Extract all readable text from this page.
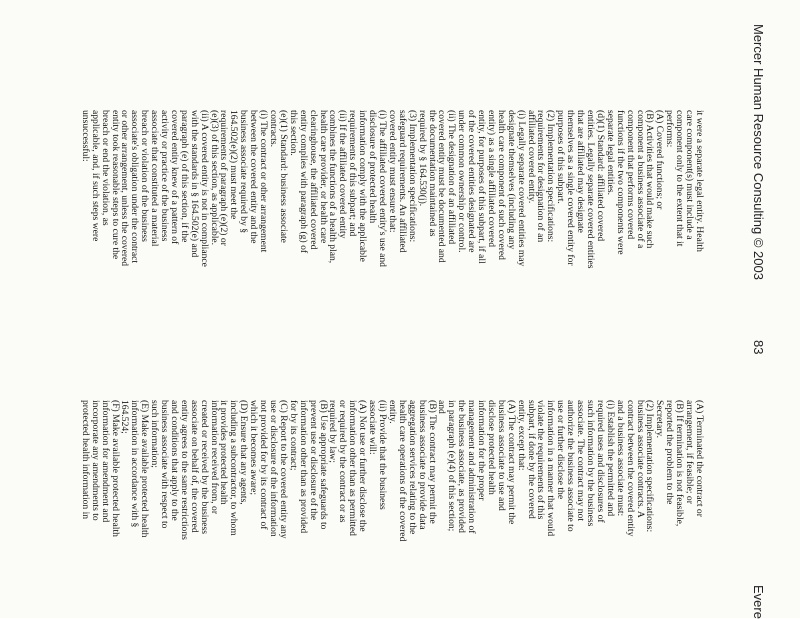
Mercer Human Resource Consulting © 2003
83
Evere

it were a separate legal entity. Health

care component(s) must include a

component only to the extent that it

performs:

(A) Covered functions; or

(B) Activities that would make such

component a business associate of a

component that performs covered

functions if the two components were

separate legal entities.

(d)(1) Standard: affiliated covered

entities. Legally separate covered entities

that are affiliated may designate

themselves as a single covered entity for

purposes of this subpart.

(2) Implementation specifications:

requirements for designation of an

affiliated covered entity.

(i) Legally separate covered entities may

designate themselves (including any

health care component of such covered

entity) as a single affiliated covered

entity, for purposes of this subpart, if all

of the covered entities designated are

under common ownership or control.

(ii) The designation of an affiliated

covered entity must be documented and

the documentation maintained as

required by § 164.530(j).

(3) Implementation specifications:

safeguard requirements. An affiliated

covered entity must ensure that:

(i) The affiliated covered entity's use and

disclosure of protected health

information comply with the applicable

requirements of this subpart; and

(ii) If the affiliated covered entity

combines the functions of a health plan,

health care provider, or health care

clearinghouse, the affiliated covered

entity complies with paragraph (g) of

this section.

(e)(1) Standard: business associate

contracts.

(i) The contract or other arrangement

between the covered entity and the

business associate required by §

164.502(e)(2) must meet the

requirements of paragraph (e)(2) or

(e)(3) of this section, as applicable.

(ii) A covered entity is not in compliance

with the standards in § 164.502(e) and

paragraph (e) of this section, if the

covered entity knew of a pattern of

activity or practice of the business

associate that constituted a material

breach or violation of the business

associate's obligation under the contract

or other arrangement, unless the covered

entity took reasonable steps to cure the

breach or end the violation, as

applicable, and, if such steps were

unsuccessful:

(A) Terminated the contract or

arrangement, if feasible; or

(B) If termination is not feasible,

reported the problem to the

Secretary.

(2) Implementation specifications:

business associate contracts. A

contract between the covered entity

and a business associate must:

(i) Establish the permitted and

required uses and disclosures of

such information by the business

associate. The contract may not

authorize the business associate to

use or further disclose the

information in a manner that would

violate the requirements of this

subpart, if done by the covered

entity, except that:

(A) The contract may permit the

business associate to use and

disclose protected health

information for the proper

management and administration of

the business associate, as provided

in paragraph (e)(4) of this section;

and

(B) The contract may permit the

business associate to provide data

aggregation services relating to the

health care operations of the covered

entity.

(ii) Provide that the business

associate will:

(A) Not use or further disclose the

information other than as permitted

or required by the contract or as

required by law;

(B) Use appropriate safeguards to

prevent use or disclosure of the

information other than as provided

for by its contract;

(C) Report to the covered entity any

use or disclosure of the information

not provided for by its contract of

which it becomes aware;

(D) Ensure that any agents,

including a subcontractor, to whom

it provides protected health

information received from, or

created or received by the business

associate on behalf of, the covered

entity agrees to the same restrictions

and conditions that apply to the

business associate with respect to

such information;

(E) Make available protected health

information in accordance with §

164.524;

(F) Make available protected health

information for amendment and

incorporate any amendments to

protected health information in
